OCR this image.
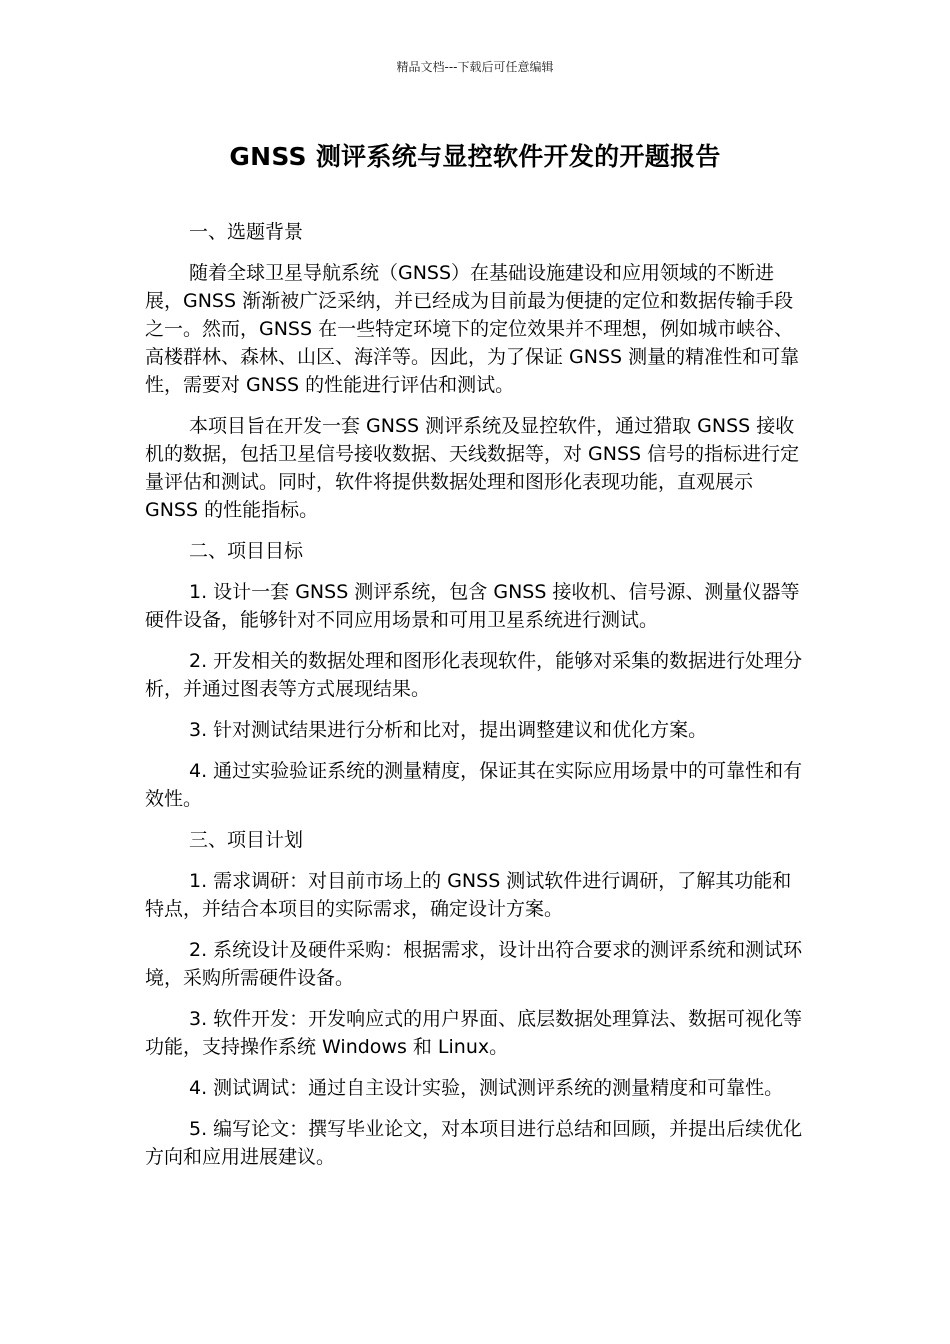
精品文档---下载后可任意编辑
GNSS 测评系统与显控软件开发的开题报告

一、选题背景

随着全球卫星导航系统（GNSS）在基础设施建设和应用领域的不断进展，GNSS 渐渐被广泛采纳，并已经成为目前最为便捷的定位和数据传输手段之一。然而，GNSS 在一些特定环境下的定位效果并不理想，例如城市峡谷、高楼群林、森林、山区、海洋等。因此，为了保证 GNSS 测量的精准性和可靠性，需要对 GNSS 的性能进行评估和测试。

本项目旨在开发一套 GNSS 测评系统及显控软件，通过猎取 GNSS 接收机的数据，包括卫星信号接收数据、天线数据等，对 GNSS 信号的指标进行定量评估和测试。同时，软件将提供数据处理和图形化表现功能，直观展示 GNSS 的性能指标。

二、项目目标

1. 设计一套 GNSS 测评系统，包含 GNSS 接收机、信号源、测量仪器等硬件设备，能够针对不同应用场景和可用卫星系统进行测试。

2. 开发相关的数据处理和图形化表现软件，能够对采集的数据进行处理分析，并通过图表等方式展现结果。

3. 针对测试结果进行分析和比对，提出调整建议和优化方案。

4. 通过实验验证系统的测量精度，保证其在实际应用场景中的可靠性和有效性。

三、项目计划

1. 需求调研：对目前市场上的 GNSS 测试软件进行调研，了解其功能和特点，并结合本项目的实际需求，确定设计方案。

2. 系统设计及硬件采购：根据需求，设计出符合要求的测评系统和测试环境，采购所需硬件设备。

3. 软件开发：开发响应式的用户界面、底层数据处理算法、数据可视化等功能，支持操作系统 Windows 和 Linux。

4. 测试调试：通过自主设计实验，测试测评系统的测量精度和可靠性。

5. 编写论文：撰写毕业论文，对本项目进行总结和回顾，并提出后续优化方向和应用进展建议。
